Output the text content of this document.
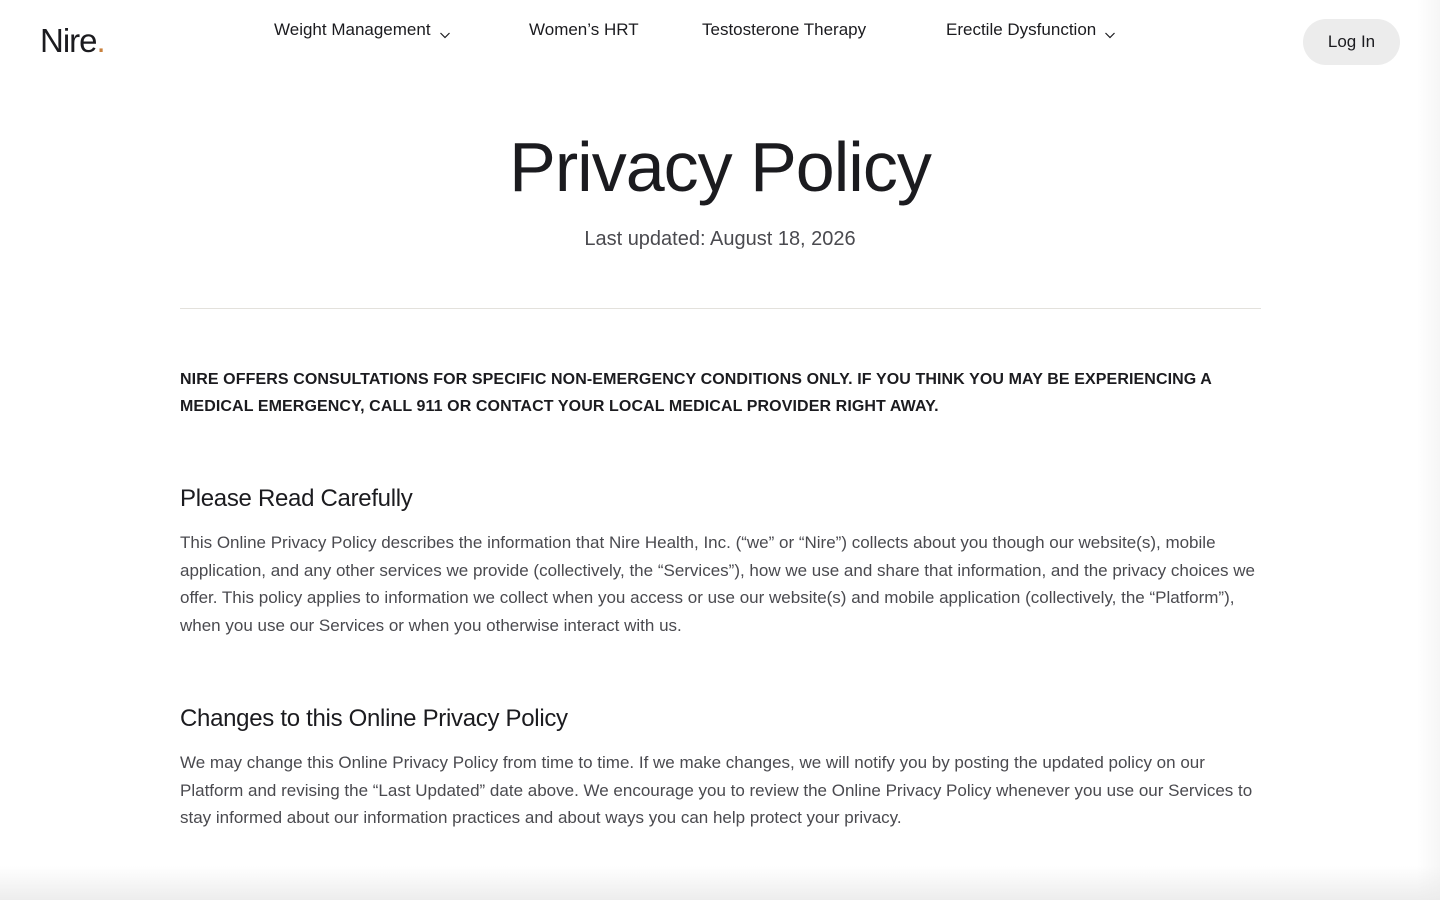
Nire.	Weight Management	Women’s HRT	Testosterone Therapy	Erectile Dysfunction
Log In
Privacy Policy
Last updated: August 18, 2026

NIRE OFFERS CONSULTATIONS FOR SPECIFIC NON-EMERGENCY CONDITIONS ONLY. IF YOU THINK YOU MAY BE EXPERIENCING A MEDICAL EMERGENCY, CALL 911 OR CONTACT YOUR LOCAL MEDICAL PROVIDER RIGHT AWAY.

Please Read Carefully

This Online Privacy Policy describes the information that Nire Health, Inc. (“we” or “Nire”) collects about you though our website(s), mobile application, and any other services we provide (collectively, the “Services”), how we use and share that information, and the privacy choices we offer. This policy applies to information we collect when you access or use our website(s) and mobile application (collectively, the “Platform”), when you use our Services or when you otherwise interact with us.

Changes to this Online Privacy Policy

We may change this Online Privacy Policy from time to time. If we make changes, we will notify you by posting the updated policy on our Platform and revising the “Last Updated” date above. We encourage you to review the Online Privacy Policy whenever you use our Services to stay informed about our information practices and about ways you can help protect your privacy.
